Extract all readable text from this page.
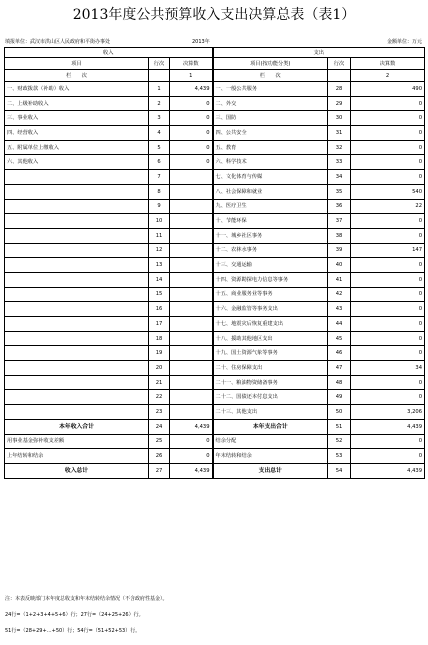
2013年度公共预算收入支出决算总表（表1）
填报单位：武汉市洪山区人民政府和平街办事处	2013年	金额单位：万元
收入			支出		
项目	行次	决算数	项目(按功能分类)	行次	决算数
栏　　次		1	栏　　次		2
一、财政拨款（补助）收入	1	4,439	一、一般公共服务	28	490
二、上级补助收入	2	0	二、外交	29	0
三、事业收入	3	0	三、国防	30	0
四、经营收入	4	0	四、公共安全	31	0
五、附属单位上缴收入	5	0	五、教育	32	0
六、其他收入	6	0	六、科学技术	33	0
	7		七、文化体育与传媒	34	0
	8		八、社会保障和就业	35	540
	9		九、医疗卫生	36	22
	10		十、节能环保	37	0
	11		十一、城乡社区事务	38	0
	12		十二、农林水事务	39	147
	13		十三、交通运输	40	0
	14		十四、资源勘探电力信息等事务	41	0
	15		十五、商业服务业等事务	42	0
	16		十六、金融监管等事务支出	43	0
	17		十七、地震灾后恢复重建支出	44	0
	18		十八、援助其他地区支出	45	0
	19		十九、国土资源气象等事务	46	0
	20		二十、住房保障支出	47	34
	21		二十一、粮油物资储备事务	48	0
	22		二十二、国债还本付息支出	49	0
	23		二十三、其他支出	50	3,206
本年收入合计	24	4,439	本年支出合计	51	4,439
用事业基金弥补收支差额	25	0	结余分配	52	0
上年结转和结余	26	0	年末结转和结余	53	0
收入总计	27	4,439	支出总计	54	4,439
注：本表反映部门本年度总收支和年末结转结余情况（不含政府性基金）。
24行=（1+2+3+4+5+6）行；27行=（24+25+26）行。
51行=（28+29+…+50）行；54行=（51+52+53）行。
